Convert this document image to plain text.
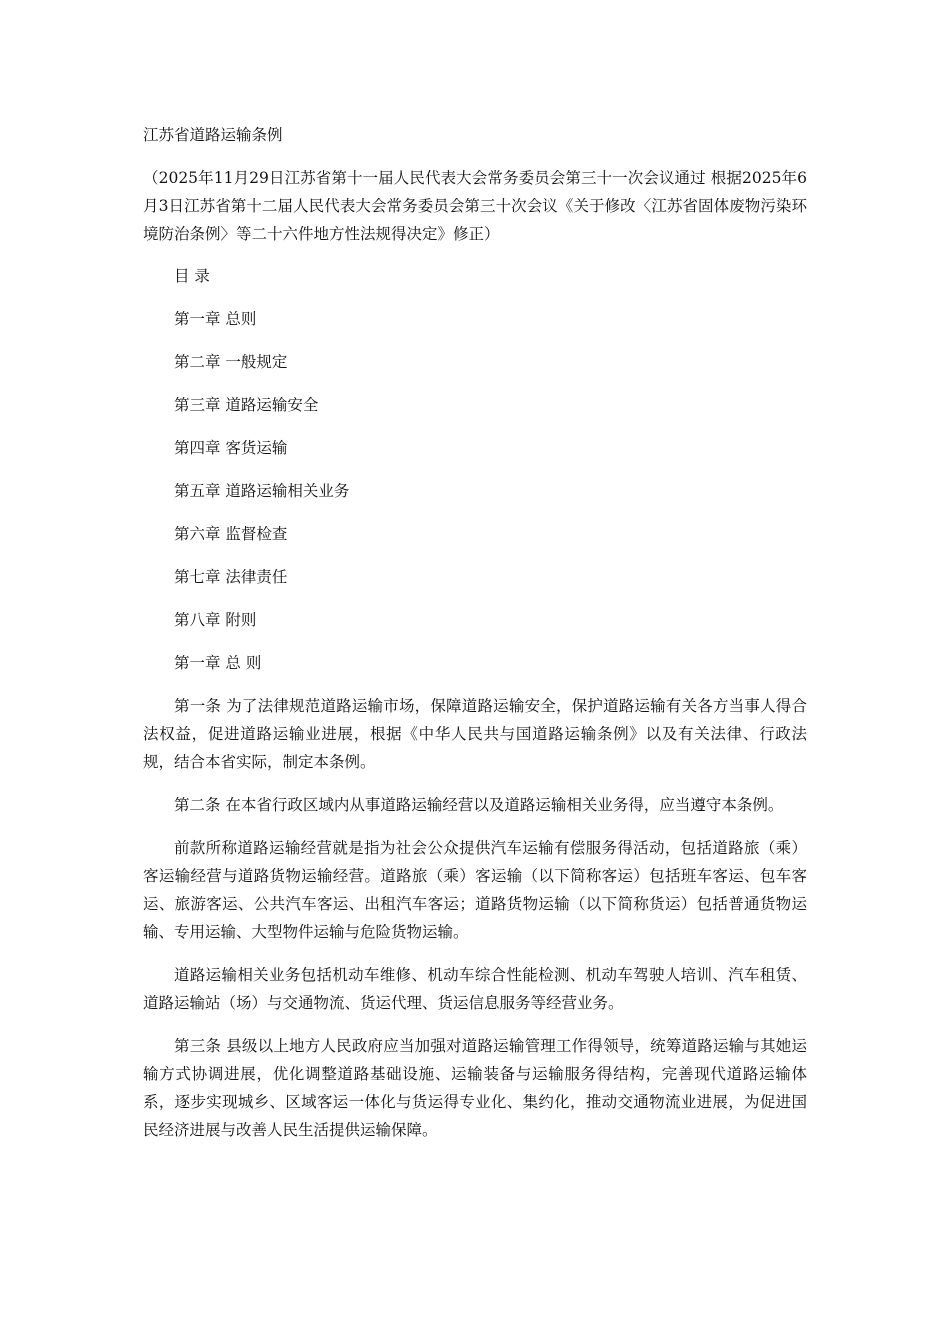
江苏省道路运输条例

（2025年11月29日江苏省第十一届人民代表大会常务委员会第三十一次会议通过 根据2025年6月3日江苏省第十二届人民代表大会常务委员会第三十次会议《关于修改〈江苏省固体废物污染环境防治条例〉等二十六件地方性法规得决定》修正）

目 录

第一章 总则

第二章 一般规定

第三章 道路运输安全

第四章 客货运输

第五章 道路运输相关业务

第六章 监督检查

第七章 法律责任

第八章 附则

第一章 总 则

第一条 为了法律规范道路运输市场，保障道路运输安全，保护道路运输有关各方当事人得合法权益，促进道路运输业进展，根据《中华人民共与国道路运输条例》以及有关法律、行政法规，结合本省实际，制定本条例。

第二条 在本省行政区域内从事道路运输经营以及道路运输相关业务得，应当遵守本条例。

前款所称道路运输经营就是指为社会公众提供汽车运输有偿服务得活动，包括道路旅（乘）客运输经营与道路货物运输经营。道路旅（乘）客运输（以下简称客运）包括班车客运、包车客运、旅游客运、公共汽车客运、出租汽车客运；道路货物运输（以下简称货运）包括普通货物运输、专用运输、大型物件运输与危险货物运输。

道路运输相关业务包括机动车维修、机动车综合性能检测、机动车驾驶人培训、汽车租赁、道路运输站（场）与交通物流、货运代理、货运信息服务等经营业务。

第三条 县级以上地方人民政府应当加强对道路运输管理工作得领导，统筹道路运输与其她运输方式协调进展，优化调整道路基础设施、运输装备与运输服务得结构，完善现代道路运输体系，逐步实现城乡、区域客运一体化与货运得专业化、集约化，推动交通物流业进展，为促进国民经济进展与改善人民生活提供运输保障。
